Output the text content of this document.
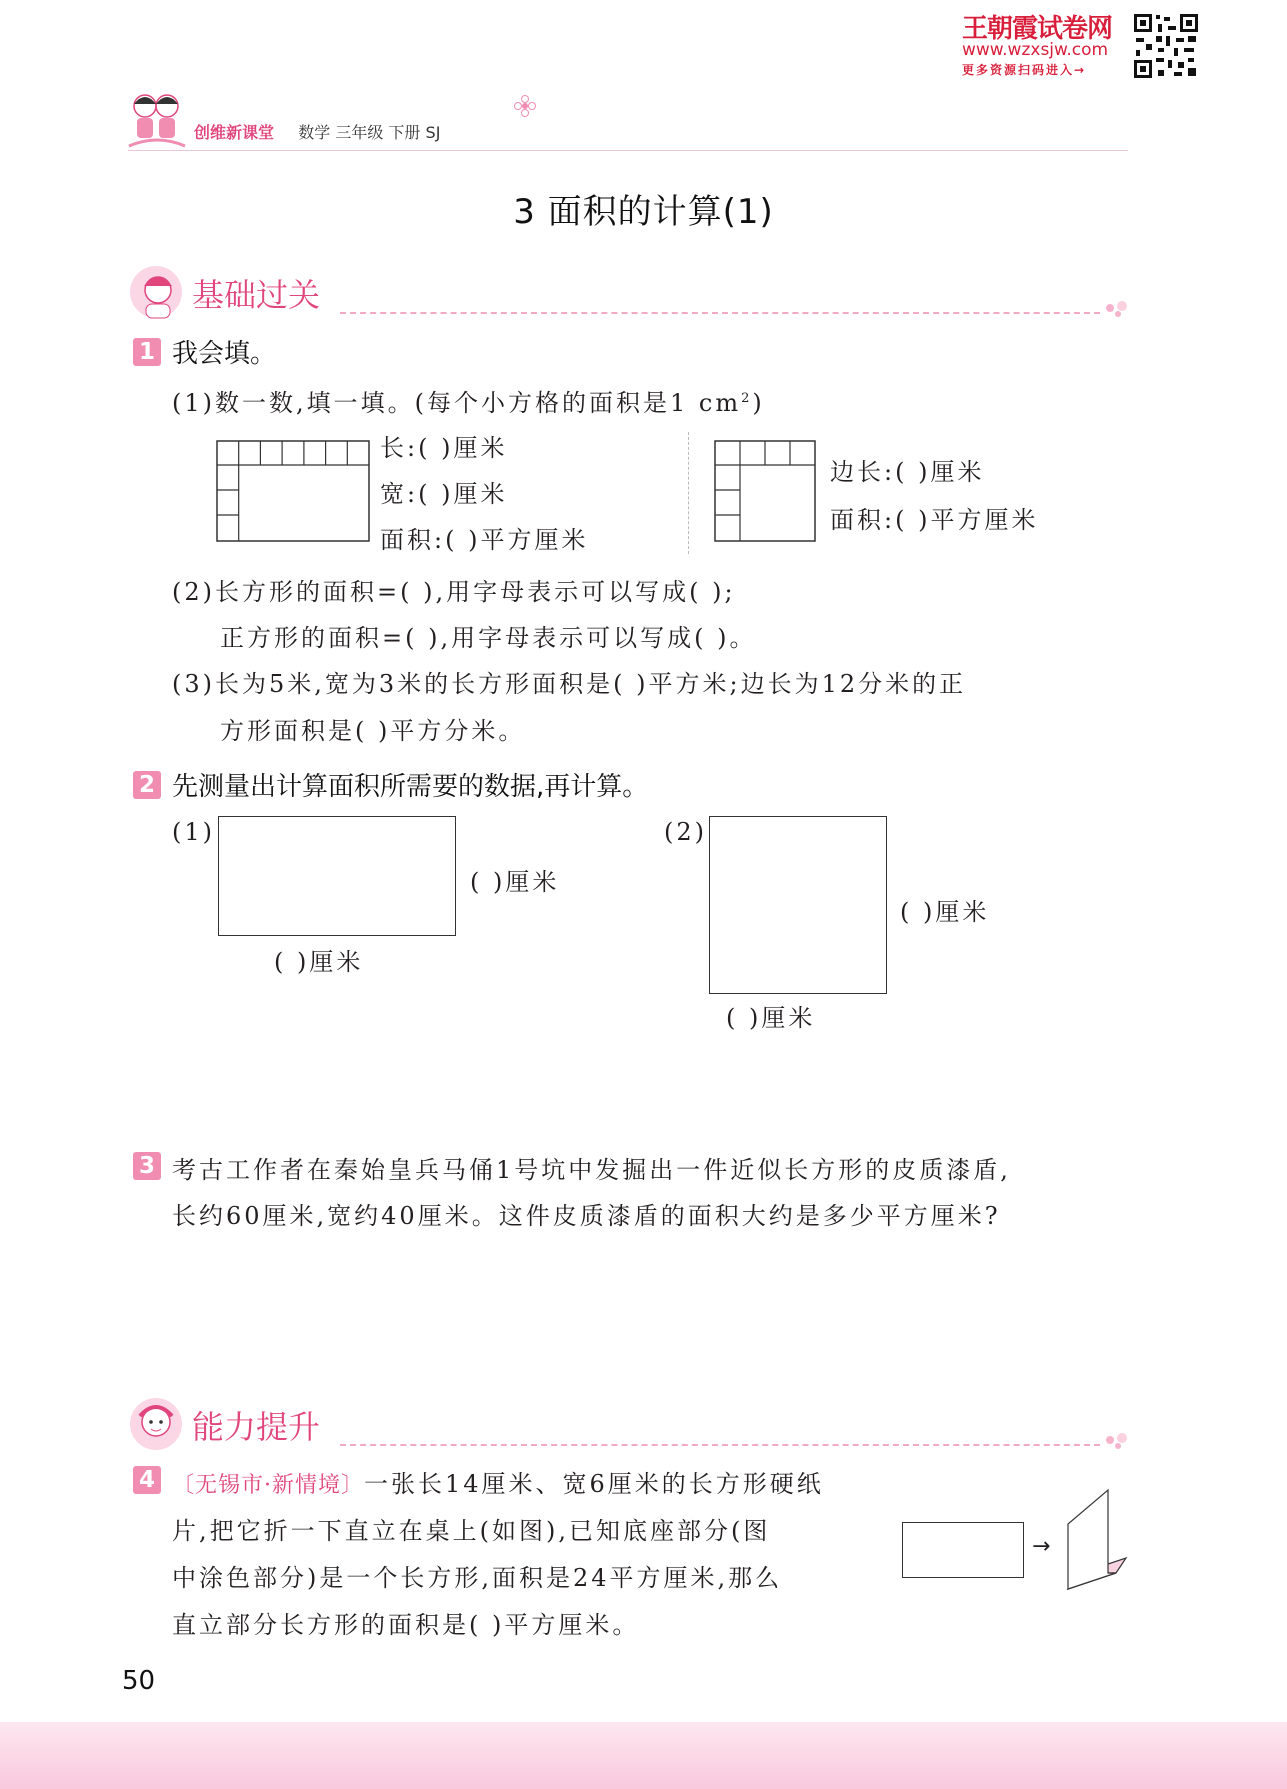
王朝霞试卷网
www.wzxsjw.com
更多资源扫码进入→
创维新课堂 数学 三年级 下册 SJ
3 面积的计算(1)
基础过关
1 我会填。
(1)数一数,填一填。(每个小方格的面积是1 $cm^2$)
长:( )厘米
宽:( )厘米
面积:( )平方厘米
边长:( )厘米
面积:( )平方厘米
(2)长方形的面积=( ),用字母表示可以写成( );
正方形的面积=( ),用字母表示可以写成( )。
(3)长为5米,宽为3米的长方形面积是( )平方米;边长为12分米的正
方形面积是( )平方分米。
2 先测量出计算面积所需要的数据,再计算。
(1)
( )厘米
( )厘米
(2)
( )厘米
( )厘米
3 考古工作者在秦始皇兵马俑1号坑中发掘出一件近似长方形的皮质漆盾,
长约60厘米,宽约40厘米。这件皮质漆盾的面积大约是多少平方厘米?
能力提升
4 〔无锡市·新情境〕一张长14厘米、宽6厘米的长方形硬纸
片,把它折一下直立在桌上(如图),已知底座部分(图
中涂色部分)是一个长方形,面积是24平方厘米,那么
直立部分长方形的面积是( )平方厘米。
→
50
